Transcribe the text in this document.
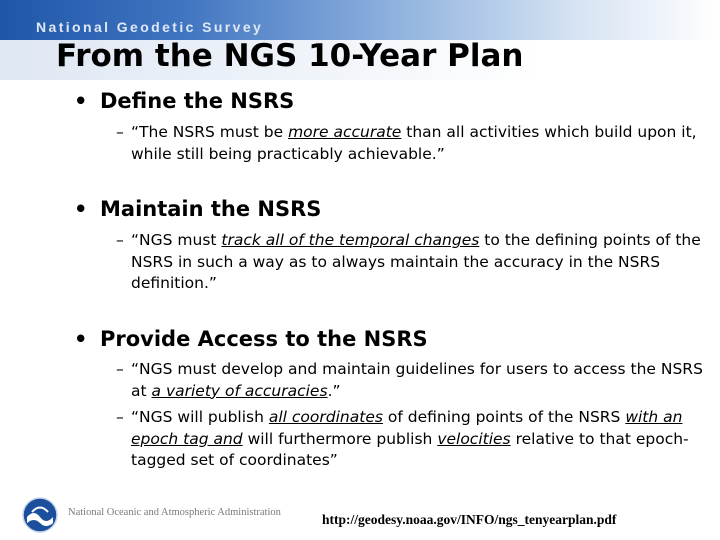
National Geodetic Survey
From the NGS 10-Year Plan
• Define the NSRS
– “The NSRS must be more accurate than all activities which build upon it, while still being practicably achievable.”
• Maintain the NSRS
– “NGS must track all of the temporal changes to the defining points of the NSRS in such a way as to always maintain the accuracy in the NSRS definition.”
• Provide Access to the NSRS
– “NGS must develop and maintain guidelines for users to access the NSRS at a variety of accuracies.”
– “NGS will publish all coordinates of defining points of the NSRS with an epoch tag and will furthermore publish velocities relative to that epoch-tagged set of coordinates”
National Oceanic and Atmospheric Administration	http://geodesy.noaa.gov/INFO/ngs_tenyearplan.pdf
